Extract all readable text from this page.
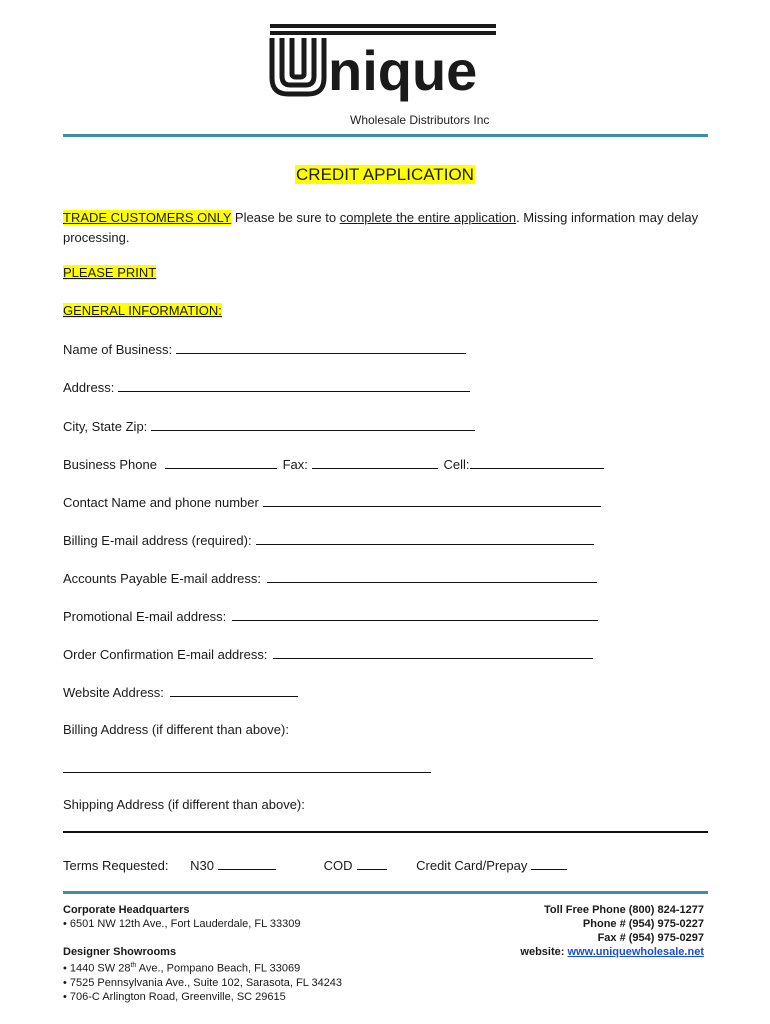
nique
Wholesale Distributors Inc
CREDIT APPLICATION
TRADE CUSTOMERS ONLY Please be sure to complete the entire application. Missing information may delay processing.
PLEASE PRINT
GENERAL INFORMATION:
Name of Business:
Address:
City, State Zip:
Business Phone	Fax:	Cell:
Contact Name and phone number
Billing E-mail address (required):
Accounts Payable E-mail address:
Promotional E-mail address:
Order Confirmation E-mail address:
Website Address:
Billing Address (if different than above):
Shipping Address (if different than above):
Terms Requested: N30	COD	Credit Card/Prepay
Corporate Headquarters
• 6501 NW 12th Ave., Fort Lauderdale, FL 33309
Designer Showrooms
• 1440 SW 28th Ave., Pompano Beach, FL 33069
• 7525 Pennsylvania Ave., Suite 102, Sarasota, FL 34243
• 706-C Arlington Road, Greenville, SC 29615
Toll Free Phone (800) 824-1277
Phone # (954) 975-0227
Fax # (954) 975-0297
website: www.uniquewholesale.net
